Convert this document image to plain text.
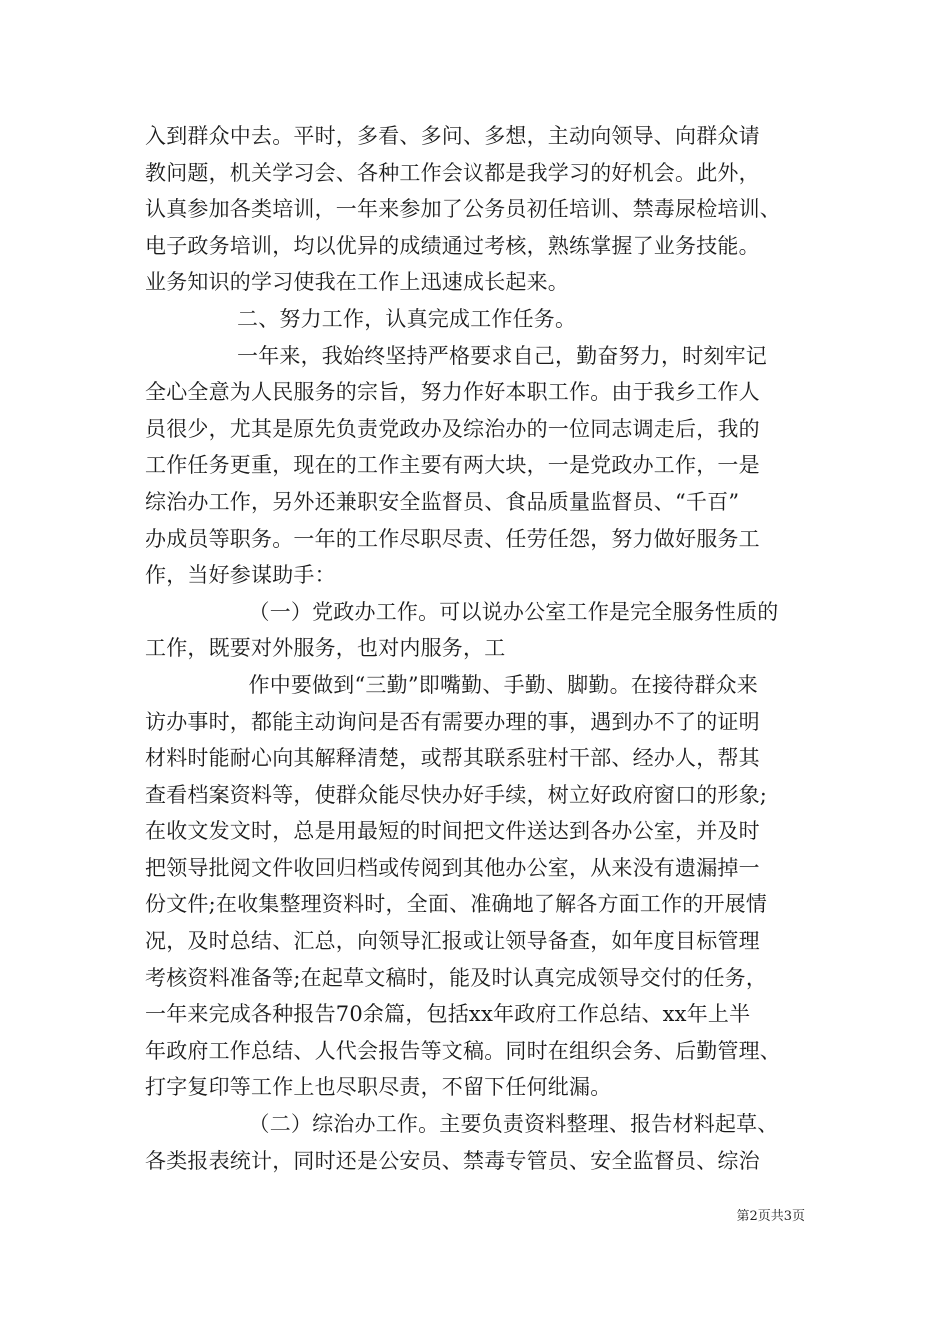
入到群众中去。平时，多看、多问、多想，主动向领导、向群众请
教问题，机关学习会、各种工作会议都是我学习的好机会。此外，
认真参加各类培训，一年来参加了公务员初任培训、禁毒尿检培训、
电子政务培训，均以优异的成绩通过考核，熟练掌握了业务技能。
业务知识的学习使我在工作上迅速成长起来。
二、努力工作，认真完成工作任务。
一年来，我始终坚持严格要求自己，勤奋努力，时刻牢记
全心全意为人民服务的宗旨，努力作好本职工作。由于我乡工作人
员很少，尤其是原先负责党政办及综治办的一位同志调走后，我的
工作任务更重，现在的工作主要有两大块，一是党政办工作，一是
综治办工作，另外还兼职安全监督员、食品质量监督员、“千百”
办成员等职务。一年的工作尽职尽责、任劳任怨，努力做好服务工
作，当好参谋助手：
（一）党政办工作。可以说办公室工作是完全服务性质的
工作，既要对外服务，也对内服务，工
作中要做到“三勤”即嘴勤、手勤、脚勤。在接待群众来
访办事时，都能主动询问是否有需要办理的事，遇到办不了的证明
材料时能耐心向其解释清楚，或帮其联系驻村干部、经办人，帮其
查看档案资料等，使群众能尽快办好手续，树立好政府窗口的形象;
在收文发文时，总是用最短的时间把文件送达到各办公室，并及时
把领导批阅文件收回归档或传阅到其他办公室，从来没有遗漏掉一
份文件;在收集整理资料时，全面、准确地了解各方面工作的开展情
况，及时总结、汇总，向领导汇报或让领导备查，如年度目标管理
考核资料准备等;在起草文稿时，能及时认真完成领导交付的任务，
一年来完成各种报告70余篇，包括xx年政府工作总结、xx年上半
年政府工作总结、人代会报告等文稿。同时在组织会务、后勤管理、
打字复印等工作上也尽职尽责，不留下任何纰漏。
（二）综治办工作。主要负责资料整理、报告材料起草、
各类报表统计，同时还是公安员、禁毒专管员、安全监督员、综治
第2页共3页
